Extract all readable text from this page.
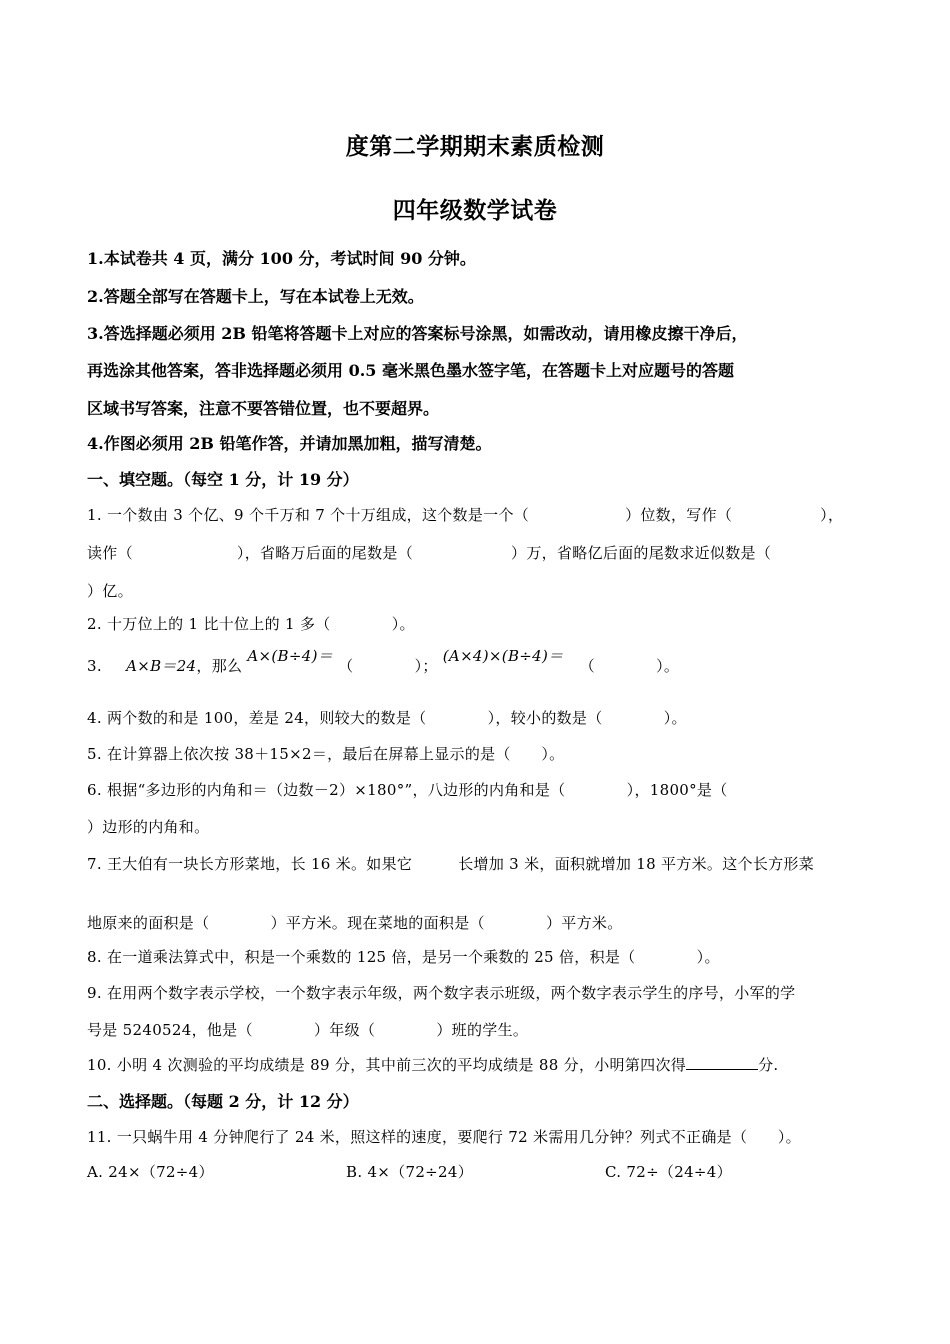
度第二学期期末素质检测
四年级数学试卷
1.本试卷共 4 页，满分 100 分，考试时间 90 分钟。
2.答题全部写在答题卡上，写在本试卷上无效。
3.答选择题必须用 2B 铅笔将答题卡上对应的答案标号涂黑，如需改动，请用橡皮擦干净后，
再选涂其他答案，答非选择题必须用 0.5 毫米黑色墨水签字笔，在答题卡上对应题号的答题
区域书写答案，注意不要答错位置，也不要超界。
4.作图必须用 2B 铅笔作答，并请加黑加粗，描写清楚。
一、填空题。（每空 1 分，计 19 分）
1. 一个数由 3 个亿、9 个千万和 7 个十万组成，这个数是一个（	）位数，写作（	），
读作（	），省略万后面的尾数是（	）万，省略亿后面的尾数求近似数是（
）亿。
2. 十万位上的 1 比十位上的 1 多（　　　　）。
3. A×B＝24，那么 A×(B÷4)＝ （　　　　）； (A×4)×(B÷4)＝  （　　　　）。
4. 两个数的和是 100，差是 24，则较大的数是（　　　　），较小的数是（　　　　）。
5. 在计算器上依次按 38＋15×2＝，最后在屏幕上显示的是（　　）。
6. 根据“多边形的内角和＝（边数－2）×180°”，八边形的内角和是（　　　　），1800°是（
）边形的内角和。
7. 王大伯有一块长方形菜地，长 16 米。如果它	长增加 3 米，面积就增加 18 平方米。这个长方形菜
地原来的面积是（　　　　）平方米。现在菜地的面积是（　　　　）平方米。
8. 在一道乘法算式中，积是一个乘数的 125 倍，是另一个乘数的 25 倍，积是（　　　　）。
9. 在用两个数字表示学校，一个数字表示年级，两个数字表示班级，两个数字表示学生的序号，小军的学
号是 5240524，他是（　　　　）年级（　　　　）班的学生。
10. 小明 4 次测验的平均成绩是 89 分，其中前三次的平均成绩是 88 分，小明第四次得	分.
二、选择题。（每题 2 分，计 12 分）
11. 一只蜗牛用 4 分钟爬行了 24 米，照这样的速度，要爬行 72 米需用几分钟？列式不正确是（　　）。
A. 24×（72÷4）	B. 4×（72÷24）	C. 72÷（24÷4）
